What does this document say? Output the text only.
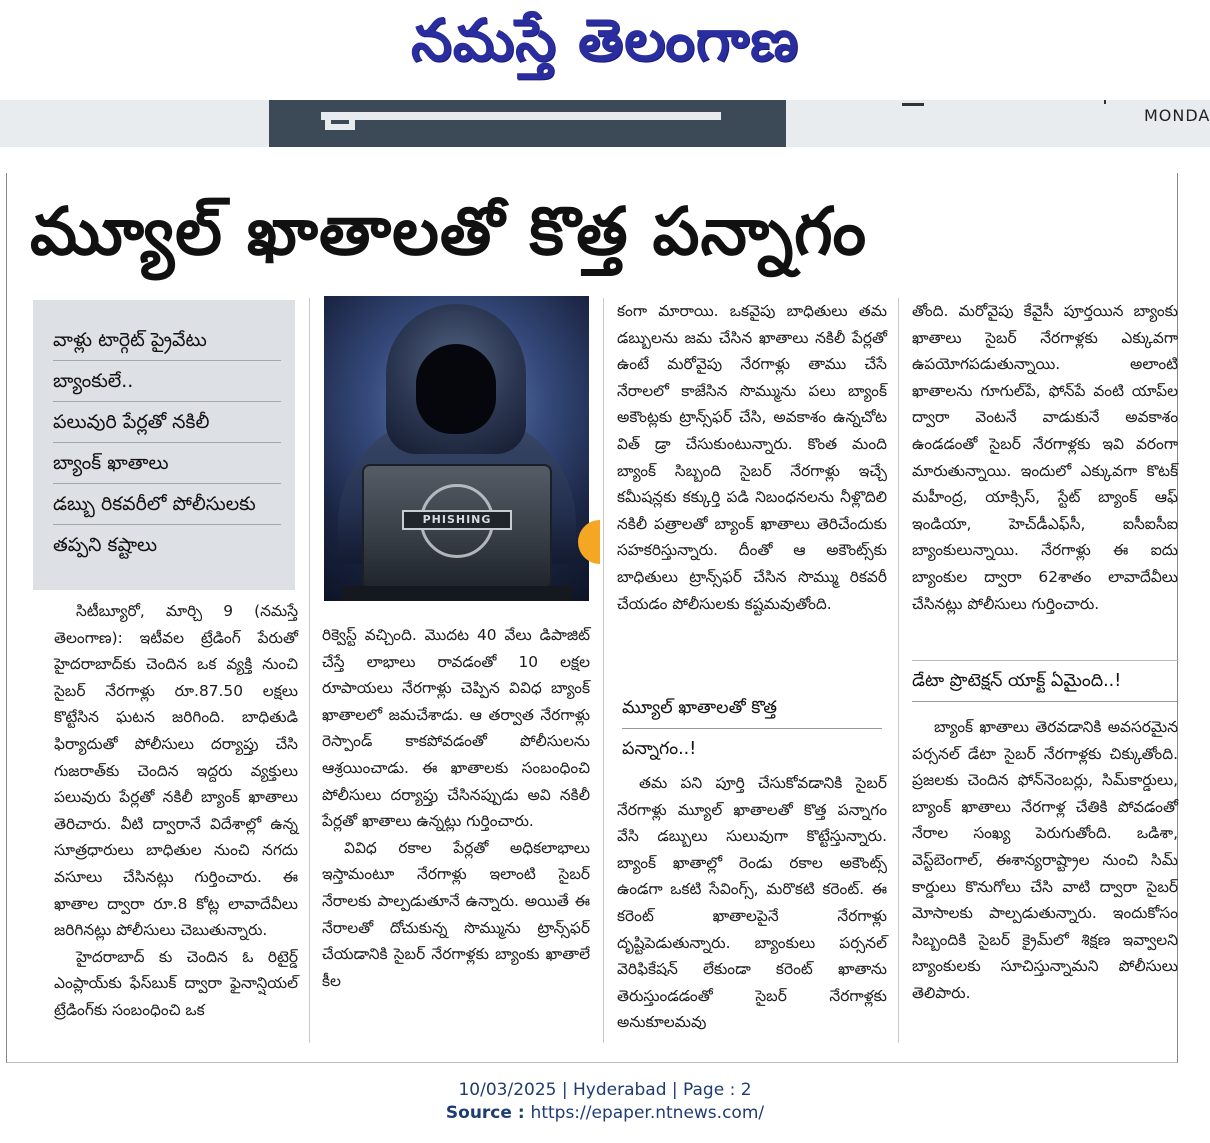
నమస్తే తెలంగాణ
MONDA
మ్యూల్ ఖాతాలతో కొత్త పన్నాగం
వాళ్లు టార్గెట్ ప్రైవేటు
బ్యాంకులే..
పలువురి పేర్లతో నకిలీ
బ్యాంక్ ఖాతాలు
డబ్బు రికవరీలో పోలీసులకు
తప్పని కష్టాలు
PHISHING

సిటీబ్యూరో, మార్చి 9 (నమస్తే తెలంగాణ): ఇటీవల ట్రేడింగ్ పేరుతో హైదరాబాద్‌కు చెందిన ఒక వ్యక్తి నుంచి సైబర్ నేరగాళ్లు రూ.87.50 లక్షలు కొట్టేసిన ఘటన జరిగింది. బాధితుడి ఫిర్యాదుతో పోలీసులు దర్యాప్తు చేసి గుజరాత్‌కు చెందిన ఇద్దరు వ్యక్తులు పలువురు పేర్లతో నకిలీ బ్యాంక్ ఖాతాలు తెరిచారు. వీటి ద్వారానే విదేశాల్లో ఉన్న సూత్రధారులు బాధితుల నుంచి నగదు వసూలు చేసినట్లు గుర్తించారు. ఈ ఖాతాల ద్వారా రూ.8 కోట్ల లావాదేవీలు జరిగినట్లు పోలీసులు చెబుతున్నారు.

హైదరాబాద్ కు చెందిన ఓ రిటైర్డ్ ఎంప్లాయ్‌కు ఫేస్‌బుక్ ద్వారా ఫైనాన్షియల్ ట్రేడింగ్‌కు సంబంధించి ఒక

రిక్వెస్ట్ వచ్చింది. మొదట 40 వేలు డిపాజిట్ చేస్తే లాభాలు రావడంతో 10 లక్షల రూపాయలు నేరగాళ్లు చెప్పిన వివిధ బ్యాంక్ ఖాతాలలో జమచేశాడు. ఆ తర్వాత నేరగాళ్లు రెస్పాండ్ కాకపోవడంతో పోలీసులను ఆశ్రయించాడు. ఈ ఖాతాలకు సంబంధించి పోలీసులు దర్యాప్తు చేసినప్పుడు అవి నకిలీ పేర్లతో ఖాతాలు ఉన్నట్లు గుర్తించారు.

వివిధ రకాల పేర్లతో అధికలాభాలు ఇస్తామంటూ నేరగాళ్లు ఇలాంటి సైబర్ నేరాలకు పాల్పడుతూనే ఉన్నారు. అయితే ఈ నేరాలతో దోచుకున్న సొమ్మును ట్రాన్స్‌ఫర్ చేయడానికి సైబర్ నేరగాళ్లకు బ్యాంకు ఖాతాలే కీల

కంగా మారాయి. ఒకవైపు బాధితులు తమ డబ్బులను జమ చేసిన ఖాతాలు నకిలీ పేర్లతో ఉంటే మరోవైపు నేరగాళ్లు తాము చేసే నేరాలలో కాజేసిన సొమ్మును పలు బ్యాంక్ అకౌంట్లకు ట్రాన్స్‌ఫర్ చేసి, అవకాశం ఉన్నచోట విత్ డ్రా చేసుకుంటున్నారు. కొంత మంది బ్యాంక్ సిబ్బంది సైబర్ నేరగాళ్లు ఇచ్చే కమీషన్లకు కక్కుర్తి పడి నిబంధనలను నీళ్లొదిలి నకిలీ పత్రాలతో బ్యాంక్ ఖాతాలు తెరిచేందుకు సహకరిస్తున్నారు. దీంతో ఆ అకౌంట్స్‌కు బాధితులు ట్రాన్స్‌ఫర్ చేసిన సొమ్ము రికవరీ చేయడం పోలీసులకు కష్టమవుతోంది.

మ్యూల్ ఖాతాలతో కొత్త
పన్నాగం..!

తమ పని పూర్తి చేసుకోవడానికి సైబర్ నేరగాళ్లు మ్యూల్ ఖాతాలతో కొత్త పన్నాగం వేసి డబ్బులు సులువుగా కొట్టేస్తున్నారు. బ్యాంక్ ఖాతాల్లో రెండు రకాల అకౌంట్స్ ఉండగా ఒకటి సేవింగ్స్, మరొకటి కరెంట్. ఈ కరెంట్ ఖాతాలపైనే నేరగాళ్లు దృష్టిపెడుతున్నారు. బ్యాంకులు పర్సనల్ వెరిఫికేషన్ లేకుండా కరెంట్ ఖాతాను తెరుస్తుండడంతో సైబర్ నేరగాళ్లకు అనుకూలమవు

తోంది. మరోవైపు కేవైసీ పూర్తయిన బ్యాంకు ఖాతాలు సైబర్ నేరగాళ్లకు ఎక్కువగా ఉపయోగపడుతున్నాయి. అలాంటి ఖాతాలను గూగుల్‌పే, ఫోన్‌పే వంటి యాప్‌ల ద్వారా వెంటనే వాడుకునే అవకాశం ఉండడంతో సైబర్ నేరగాళ్లకు ఇవి వరంగా మారుతున్నాయి. ఇందులో ఎక్కువగా కొటక్ మహీంద్ర, యాక్సిస్, స్టేట్ బ్యాంక్ ఆఫ్ ఇండియా, హెచ్‌డీఎఫ్‌సీ, ఐసీఐసీఐ బ్యాంకులున్నాయి. నేరగాళ్లు ఈ ఐదు బ్యాంకుల ద్వారా 62శాతం లావాదేవీలు చేసినట్లు పోలీసులు గుర్తించారు.

డేటా ప్రొటెక్షన్ యాక్ట్ ఏమైంది..!

బ్యాంక్ ఖాతాలు తెరవడానికి అవసరమైన పర్సనల్ డేటా సైబర్ నేరగాళ్లకు చిక్కుతోంది. ప్రజలకు చెందిన ఫోన్‌నెంబర్లు, సిమ్‌కార్డులు, బ్యాంక్ ఖాతాలు నేరగాళ్ల చేతికి పోవడంతో నేరాల సంఖ్య పెరుగుతోంది. ఒడిశా, వెస్ట్‌బెంగాల్, ఈశాన్యరాష్ట్రాల నుంచి సిమ్ కార్డులు కొనుగోలు చేసి వాటి ద్వారా సైబర్ మోసాలకు పాల్పడుతున్నారు. ఇందుకోసం సిబ్బందికి సైబర్ క్రైమ్‌లో శిక్షణ ఇవ్వాలని బ్యాంకులకు సూచిస్తున్నామని పోలీసులు తెలిపారు.

10/03/2025 | Hyderabad | Page : 2
Source : https://epaper.ntnews.com/
